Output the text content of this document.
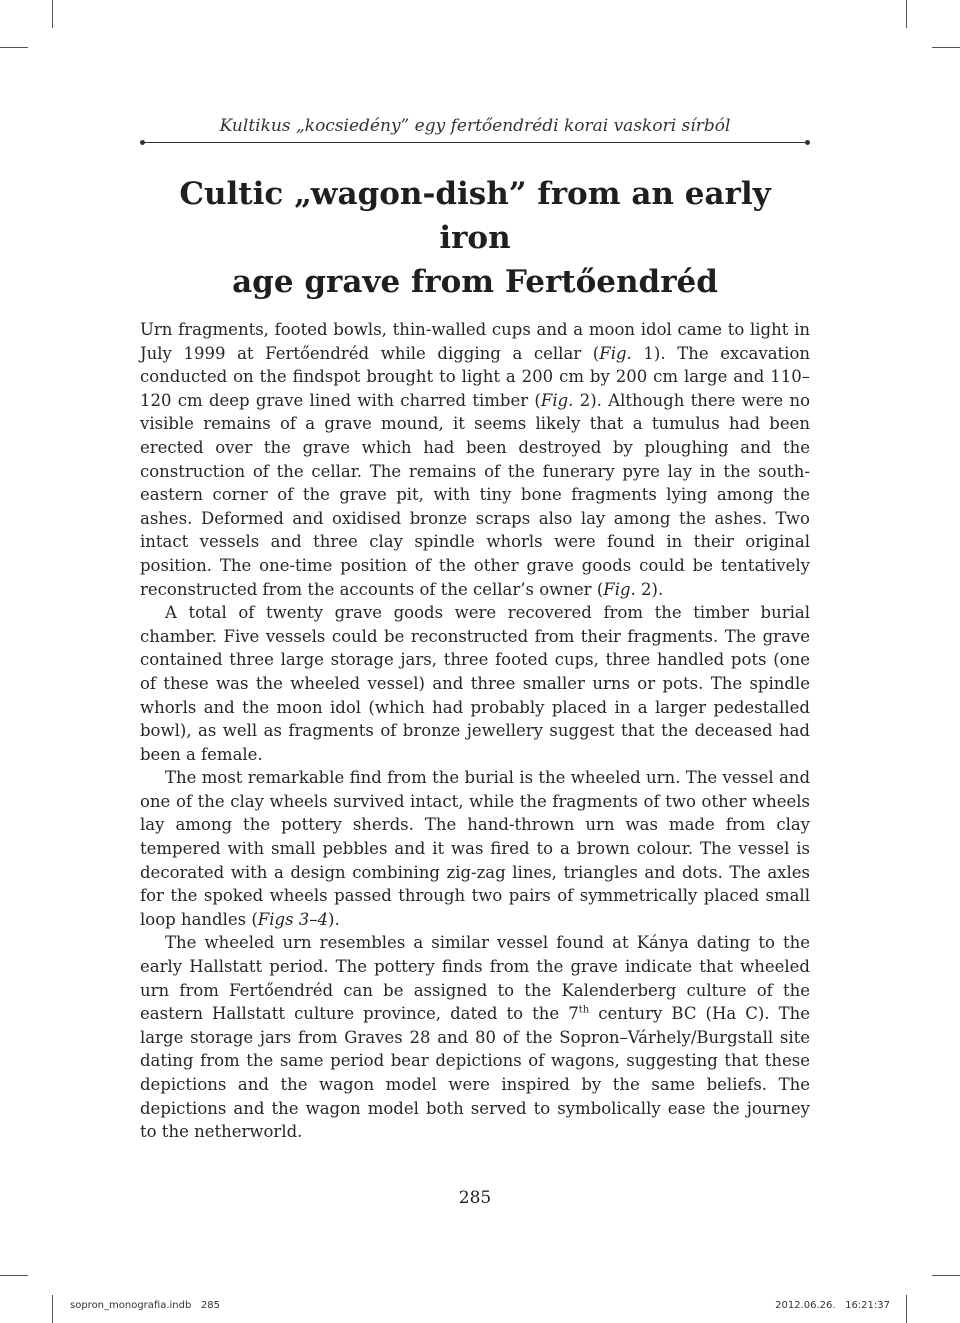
Kultikus „kocsiedény” egy fertőendrédi korai vaskori sírból
Cultic „wagon-dish” from an early iron
age grave from Fertőendréd

Urn fragments, footed bowls, thin-walled cups and a moon idol came to light in July 1999 at Fertőendréd while digging a cellar (Fig. 1). The excavation conducted on the findspot brought to light a 200 cm by 200 cm large and 110–120 cm deep grave lined with charred timber (Fig. 2). Although there were no visible remains of a grave mound, it seems likely that a tumulus had been erected over the grave which had been destroyed by ploughing and the construction of the cellar. The remains of the funerary pyre lay in the south-eastern corner of the grave pit, with tiny bone fragments lying among the ashes. Deformed and oxidised bronze scraps also lay among the ashes. Two intact vessels and three clay spindle whorls were found in their original position. The one-time position of the other grave goods could be tentatively reconstructed from the accounts of the cellar’s owner (Fig. 2).

A total of twenty grave goods were recovered from the timber burial chamber. Five vessels could be reconstructed from their fragments. The grave contained three large storage jars, three footed cups, three handled pots (one of these was the wheeled vessel) and three smaller urns or pots. The spindle whorls and the moon idol (which had probably placed in a larger pedestalled bowl), as well as fragments of bronze jewellery suggest that the deceased had been a female.

The most remarkable find from the burial is the wheeled urn. The vessel and one of the clay wheels survived intact, while the fragments of two other wheels lay among the pottery sherds. The hand-thrown urn was made from clay tempered with small pebbles and it was fired to a brown colour. The vessel is decorated with a design combining zig-zag lines, triangles and dots. The axles for the spoked wheels passed through two pairs of symmetrically placed small loop handles (Figs 3–4).

The wheeled urn resembles a similar vessel found at Kánya dating to the early Hallstatt period. The pottery finds from the grave indicate that wheeled urn from Fertőendréd can be assigned to the Kalenderberg culture of the eastern Hallstatt culture province, dated to the 7th century BC (Ha C). The large storage jars from Graves 28 and 80 of the Sopron–Várhely/Burgstall site dating from the same period bear depictions of wagons, suggesting that these depictions and the wagon model were inspired by the same beliefs. The depictions and the wagon model both served to symbolically ease the journey to the netherworld.

285
sopron_monografia.indb   285	2012.06.26.   16:21:37
